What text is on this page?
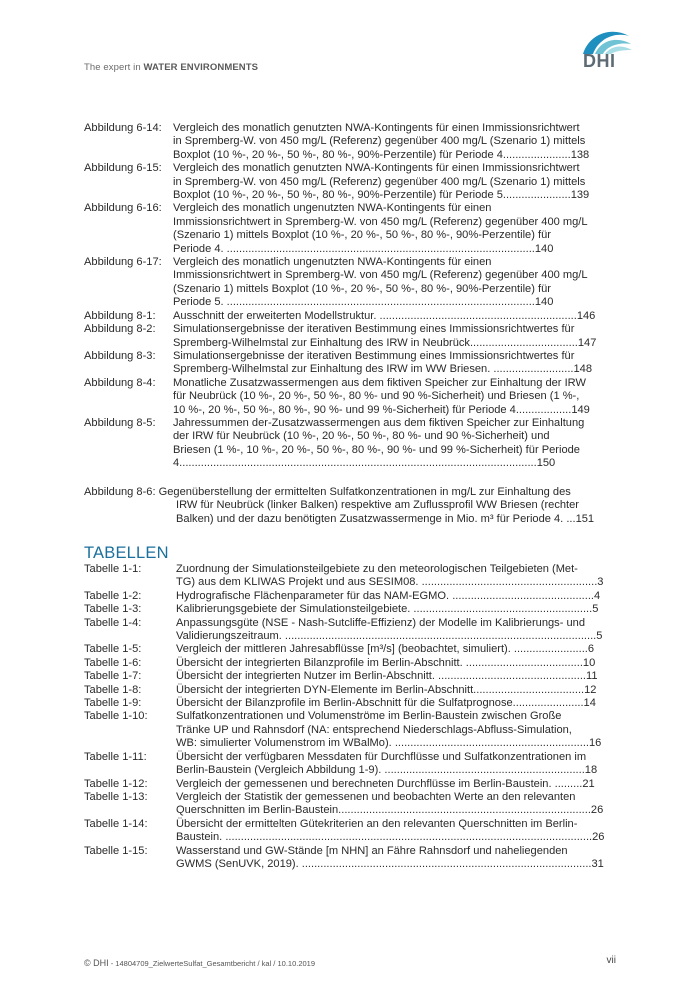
The expert in WATER ENVIRONMENTS	DHI
Abbildung 6-14:	Vergleich des monatlich genutzten NWA-Kontingents für einen Immissionsrichtwert
in Spremberg-W. von 450 mg/L (Referenz) gegenüber 400 mg/L (Szenario 1) mittels
Boxplot (10 %-, 20 %-, 50 %-, 80 %-, 90%-Perzentile) für Periode 4......................138
Abbildung 6-15:	Vergleich des monatlich genutzten NWA-Kontingents für einen Immissionsrichtwert
in Spremberg-W. von 450 mg/L (Referenz) gegenüber 400 mg/L (Szenario 1) mittels
Boxplot (10 %-, 20 %-, 50 %-, 80 %-, 90%-Perzentile) für Periode 5......................139
Abbildung 6-16:	Vergleich des monatlich ungenutzten NWA-Kontingents für einen
Immissionsrichtwert in Spremberg-W. von 450 mg/L (Referenz) gegenüber 400 mg/L
(Szenario 1) mittels Boxplot (10 %-, 20 %-, 50 %-, 80 %-, 90%-Perzentile) für
Periode 4. ....................................................................................................140
Abbildung 6-17:	Vergleich des monatlich ungenutzten NWA-Kontingents für einen
Immissionsrichtwert in Spremberg-W. von 450 mg/L (Referenz) gegenüber 400 mg/L
(Szenario 1) mittels Boxplot (10 %-, 20 %-, 50 %-, 80 %-, 90%-Perzentile) für
Periode 5. ....................................................................................................140
Abbildung 8-1:	Ausschnitt der erweiterten Modellstruktur. ................................................................146
Abbildung 8-2:	Simulationsergebnisse der iterativen Bestimmung eines Immissionsrichtwertes für
Spremberg-Wilhelmstal zur Einhaltung des IRW in Neubrück...................................147
Abbildung 8-3:	Simulationsergebnisse der iterativen Bestimmung eines Immissionsrichtwertes für
Spremberg-Wilhelmstal zur Einhaltung des IRW im WW Briesen. ..........................148
Abbildung 8-4:	Monatliche Zusatzwassermengen aus dem fiktiven Speicher zur Einhaltung der IRW
für Neubrück (10 %-, 20 %-, 50 %-, 80 %- und 90 %-Sicherheit) und Briesen (1 %-,
10 %-, 20 %-, 50 %-, 80 %-, 90 %- und 99 %-Sicherheit) für Periode 4..................149
Abbildung 8-5:	Jahressummen der-Zusatzwassermengen aus dem fiktiven Speicher zur Einhaltung
der IRW für Neubrück (10 %-, 20 %-, 50 %-, 80 %- und 90 %-Sicherheit) und
Briesen (1 %-, 10 %-, 20 %-, 50 %-, 80 %-, 90 %- und 99 %-Sicherheit) für Periode
4....................................................................................................................150
Abbildung 8-6: Gegenüberstellung der ermittelten Sulfatkonzentrationen in mg/L zur Einhaltung des
IRW für Neubrück (linker Balken) respektive am Zuflussprofil WW Briesen (rechter
Balken) und der dazu benötigten Zusatzwassermenge in Mio. m³ für Periode 4. ...151
TABELLEN
Tabelle 1-1:	Zuordnung der Simulationsteilgebiete zu den meteorologischen Teilgebieten (Met-
TG) aus dem KLIWAS Projekt und aus SESIM08. .........................................................3
Tabelle 1-2:	Hydrografische Flächenparameter für das NAM-EGMO. ..............................................4
Tabelle 1-3:	Kalibrierungsgebiete der Simulationsteilgebiete. ..........................................................5
Tabelle 1-4:	Anpassungsgüte (NSE - Nash-Sutcliffe-Effizienz) der Modelle im Kalibrierungs- und
Validierungszeitraum. .....................................................................................................5
Tabelle 1-5:	Vergleich der mittleren Jahresabflüsse [m³/s] (beobachtet, simuliert). ........................6
Tabelle 1-6:	Übersicht der integrierten Bilanzprofile im Berlin-Abschnitt. ......................................10
Tabelle 1-7:	Übersicht der integrierten Nutzer im Berlin-Abschnitt. ................................................11
Tabelle 1-8:	Übersicht der integrierten DYN-Elemente im Berlin-Abschnitt....................................12
Tabelle 1-9:	Übersicht der Bilanzprofile im Berlin-Abschnitt für die Sulfatprognose.......................14
Tabelle 1-10:	Sulfatkonzentrationen und Volumenströme im Berlin-Baustein zwischen Große
Tränke UP und Rahnsdorf (NA: entsprechend Niederschlags-Abfluss-Simulation,
WB: simulierter Volumenstrom im WBalMo). ...............................................................16
Tabelle 1-11:	Übersicht der verfügbaren Messdaten für Durchflüsse und Sulfatkonzentrationen im
Berlin-Baustein (Vergleich Abbildung 1-9). .................................................................18
Tabelle 1-12:	Vergleich der gemessenen und berechneten Durchflüsse im Berlin-Baustein. .........21
Tabelle 1-13:	Vergleich der Statistik der gemessenen und beobachten Werte an den relevanten
Querschnitten im Berlin-Baustein..................................................................................26
Tabelle 1-14:	Übersicht der ermittelten Gütekriterien an den relevanten Querschnitten im Berlin-
Baustein. .......................................................................................................................26
Tabelle 1-15:	Wasserstand und GW-Stände [m NHN] an Fähre Rahnsdorf und naheliegenden
GWMS (SenUVK, 2019). ..............................................................................................31
© DHI - 14804709_ZielwerteSulfat_Gesamtbericht / kal / 10.10.2019	vii
